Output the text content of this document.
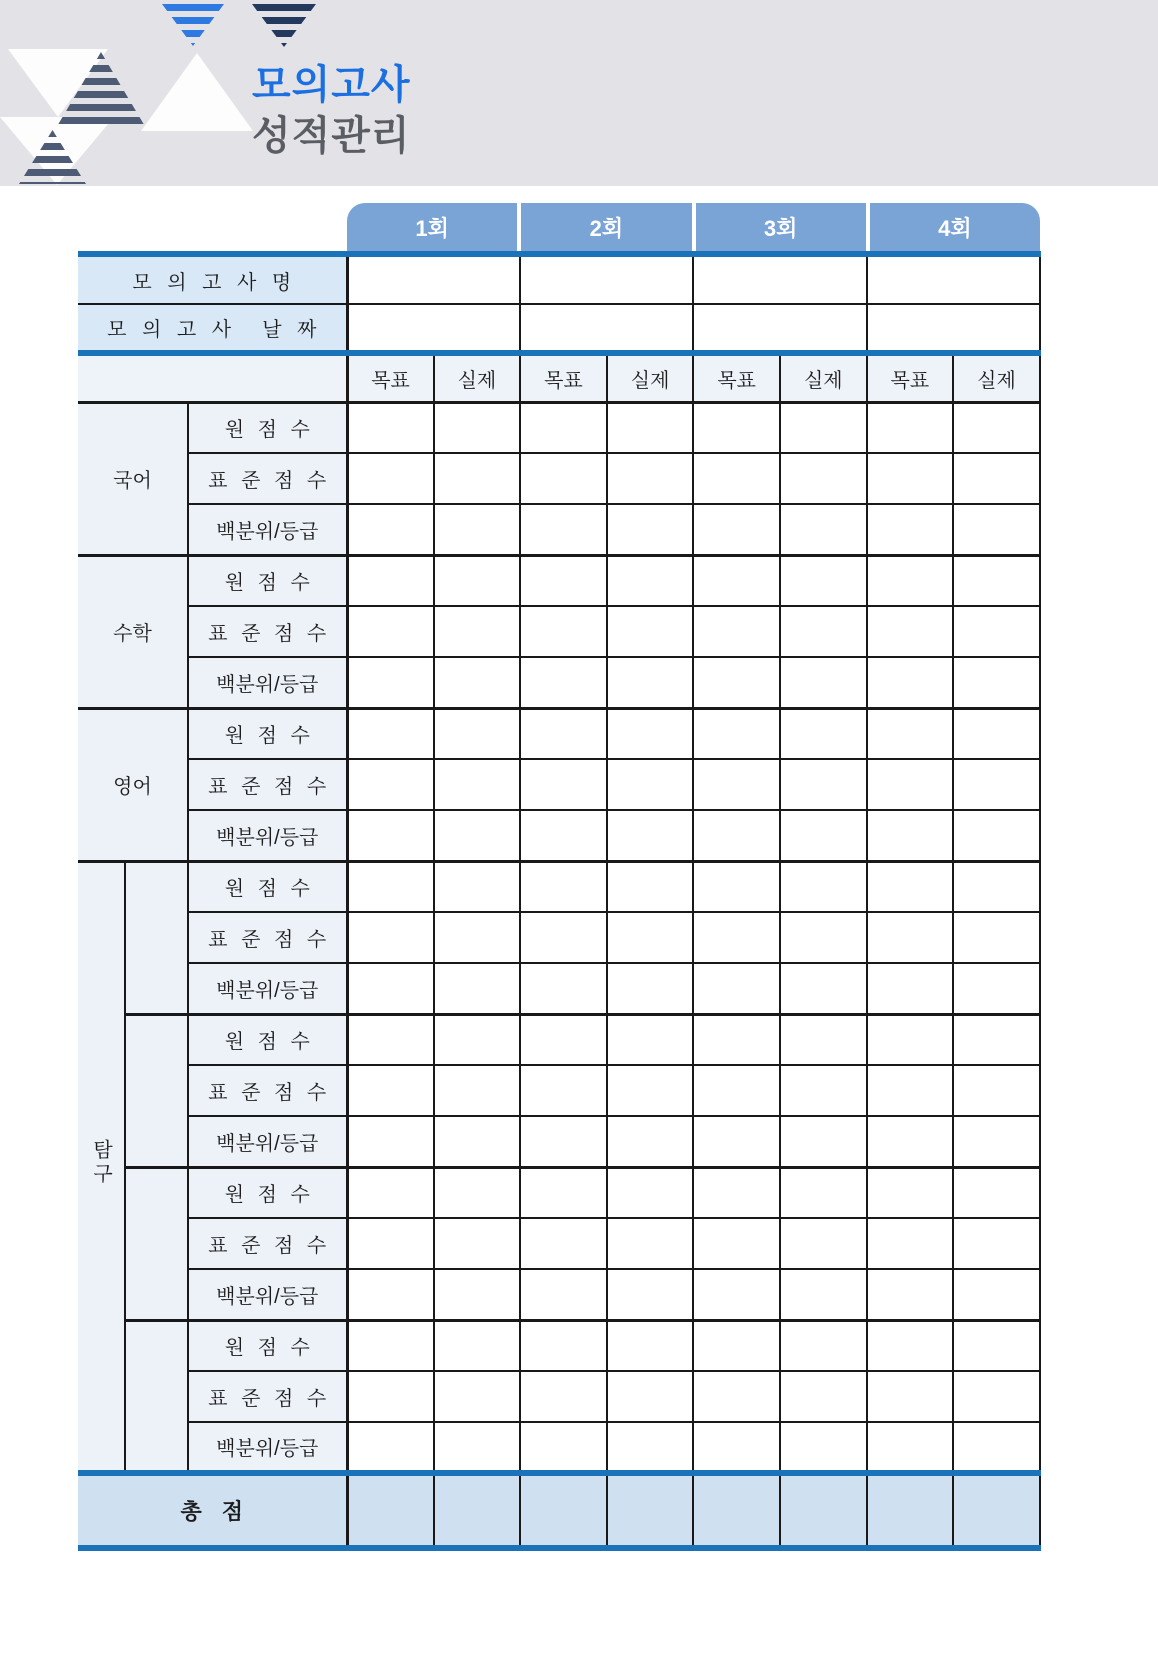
모의고사
성적관리
1회	2회	3회	4회
모 의 고 사 명										
모 의 고 사  날 짜										
			목표	실제	목표	실제	목표	실제	목표	실제
국어		원 점 수								
		표 준 점 수								
		백분위/등급								
수학		원 점 수								
		표 준 점 수								
		백분위/등급								
영어		원 점 수								
		표 준 점 수								
		백분위/등급								
탐구		원 점 수								
		표 준 점 수								
		백분위/등급								
		원 점 수								
		표 준 점 수								
		백분위/등급								
		원 점 수								
		표 준 점 수								
		백분위/등급								
		원 점 수								
		표 준 점 수								
		백분위/등급								
총 점										
